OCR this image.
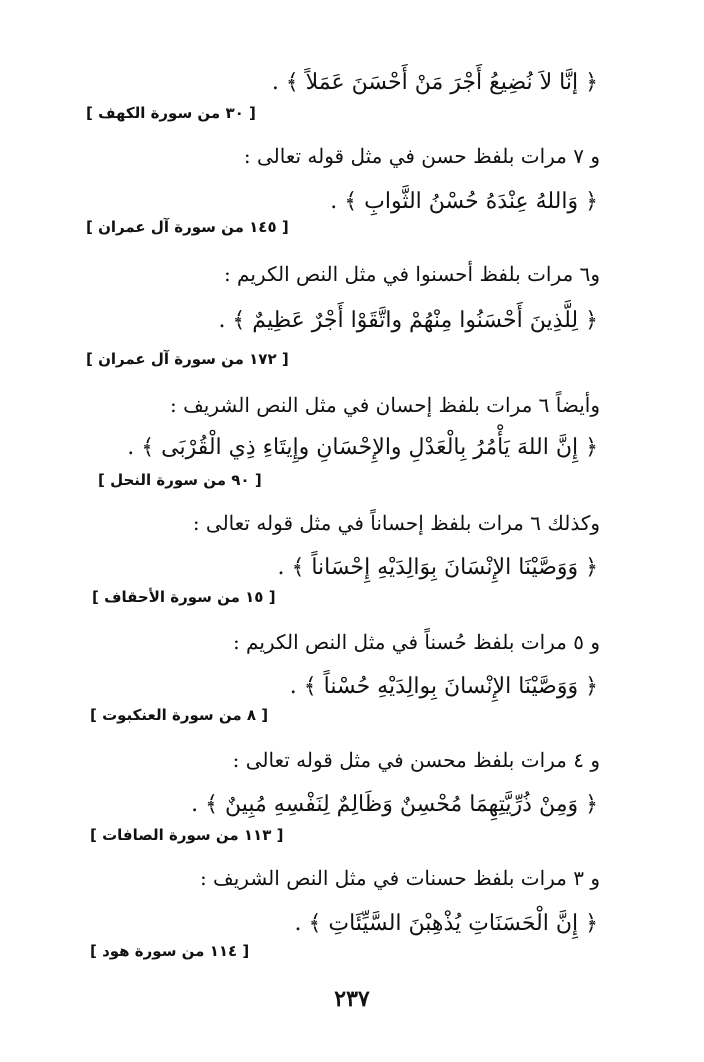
﴿ إنَّا لاَ نُضِيعُ أَجْرَ مَنْ أَحْسَنَ عَمَلاً ﴾ .
[ ٣٠ من سورة الكهف ]
و ٧ مرات بلفظ حسن في مثل قوله تعالى :
﴿ وَاللهُ عِنْدَهُ حُسْنُ الثَّوابِ ﴾ .
[ ١٤٥ من سورة آل عمران ]
و٦ مرات بلفظ أحسنوا في مثل النص الكريم :
﴿ لِلَّذِينَ أَحْسَنُوا مِنْهُمْ واتَّقَوْا أَجْرٌ عَظِيمٌ ﴾ .
[ ١٧٢ من سورة آل عمران ]
وأيضاً ٦ مرات بلفظ إحسان في مثل النص الشريف :
﴿ إِنَّ اللهَ يَأْمُرُ بِالْعَدْلِ والإِحْسَانِ وإِيتَاءِ ذِي الْقُرْبَى ﴾ .
[ ٩٠ من سورة النحل ]
وكذلك ٦ مرات بلفظ إحساناً في مثل قوله تعالى :
﴿ وَوَصَّيْنَا الإِنْسَانَ بِوَالِدَيْهِ إِحْسَاناً ﴾ .
[ ١٥ من سورة الأحقاف ]
و ٥ مرات بلفظ حُسناً في مثل النص الكريم :
﴿ وَوَصَّيْنَا الإِنْسانَ بِوالِدَيْهِ حُسْناً ﴾ .
[ ٨ من سورة العنكبوت ]
و ٤ مرات بلفظ محسن في مثل قوله تعالى :
﴿ وَمِنْ ذُرِّيَّتِهِمَا مُحْسِنٌ وَظَالِمٌ لِنَفْسِهِ مُبِينٌ ﴾ .
[ ١١٣ من سورة الصافات ]
و ٣ مرات بلفظ حسنات في مثل النص الشريف :
﴿ إِنَّ الْحَسَنَاتِ يُذْهِبْنَ السَّيِّئَاتِ ﴾ .
[ ١١٤ من سورة هود ]
٢٣٧
